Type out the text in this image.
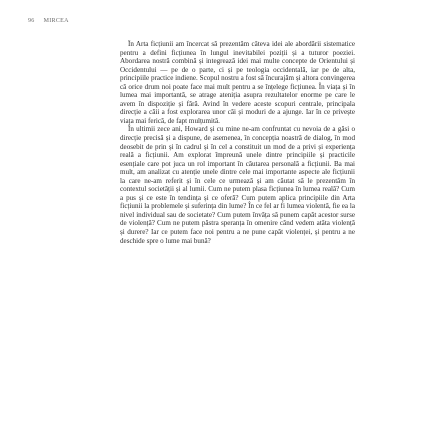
96 MIRCEA

În Arta ficțiunii am încercat să prezentăm câteva idei ale abordării sistematice pentru a defini ficțiunea în lungul inevitabilei poziții și a tuturor poeziei. Abordarea nostră combină și integrează idei mai multe concepte de Orientului și Occidentului — pe de o parte, ci și pe teologia occidentală, iar pe de alta, principiile practice indiene. Scopul nostru a fost să încurajăm și altora convingerea că orice drum noi poate face mai mult pentru a se înțelege ficțiunea. În viața și în lumea mai importantă, se atrage ateniția asupra rezultatelor enorme pe care le avem în dispoziție și fără. Avind în vedere aceste scopuri centrale, principala direcție a căii a fost explorarea unor căi și moduri de a ajunge. Iar în ce privește viața mai ferică, de fapt mulțumită.

În ultimii zece ani, Howard și cu mine ne-am confruntat cu nevoia de a găsi o direcție precisă și a dispune, de asemenea, în concepția noastră de dialog, în mod deosebit de prin și în cadrul și în cel a constituit un mod de a privi și experiența reală a ficțiunii. Am explorat împreună unele dintre principiile și practicile esențiale care pot juca un rol important în căutarea personală a ficțiunii. Ba mai mult, am analizat cu atenție unele dintre cele mai importante aspecte ale ficțiunii la care ne-am referit și în cele ce urmează și am căutat să le prezentăm în contextul societății și al lumii. Cum ne putem plasa ficțiunea în lumea reală? Cum a pus și ce este în tendința și ce oferă? Cum putem aplica principiile din Arta ficțiunii la problemele și suferința din lume? În ce fel ar fi lumea violentă, fie ea la nivel individual sau de societate? Cum putem învăța să punem capăt acestor surse de violență? Cum ne putem păstra speranța în omenire când vedem atâta violență și durere? Iar ce putem face noi pentru a ne pune capăt violenței, și pentru a ne deschide spre o lume mai bună?
